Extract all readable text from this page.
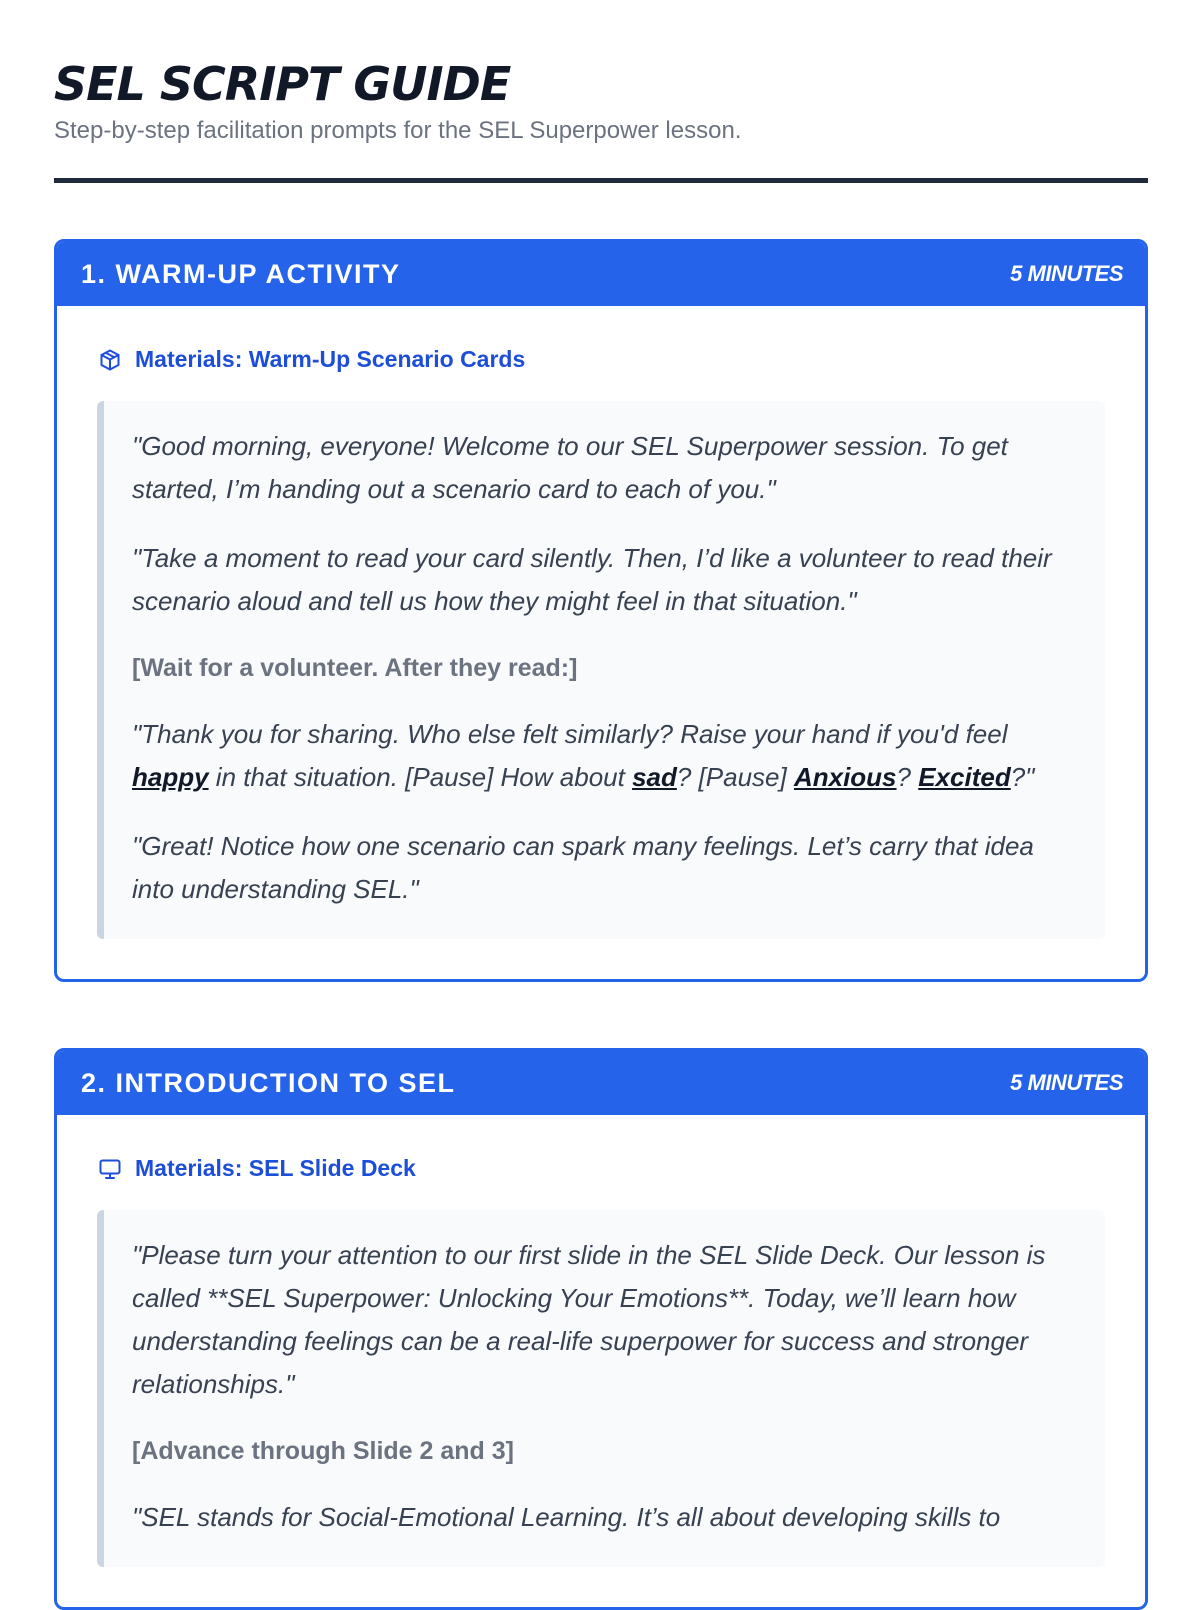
SEL SCRIPT GUIDE

Step-by-step facilitation prompts for the SEL Superpower lesson.

1. WARM-UP ACTIVITY	5 MINUTES
Materials: Warm-Up Scenario Cards

"Good morning, everyone! Welcome to our SEL Superpower session. To get started, I’m handing out a scenario card to each of you."

"Take a moment to read your card silently. Then, I’d like a volunteer to read their scenario aloud and tell us how they might feel in that situation."

[Wait for a volunteer. After they read:]

"Thank you for sharing. Who else felt similarly? Raise your hand if you'd feel happy in that situation. [Pause] How about sad? [Pause] Anxious? Excited?"

"Great! Notice how one scenario can spark many feelings. Let’s carry that idea into understanding SEL."

2. INTRODUCTION TO SEL	5 MINUTES
Materials: SEL Slide Deck

"Please turn your attention to our first slide in the SEL Slide Deck. Our lesson is called **SEL Superpower: Unlocking Your Emotions**. Today, we’ll learn how understanding feelings can be a real-life superpower for success and stronger relationships."

[Advance through Slide 2 and 3]

"SEL stands for Social-Emotional Learning. It’s all about developing skills to
